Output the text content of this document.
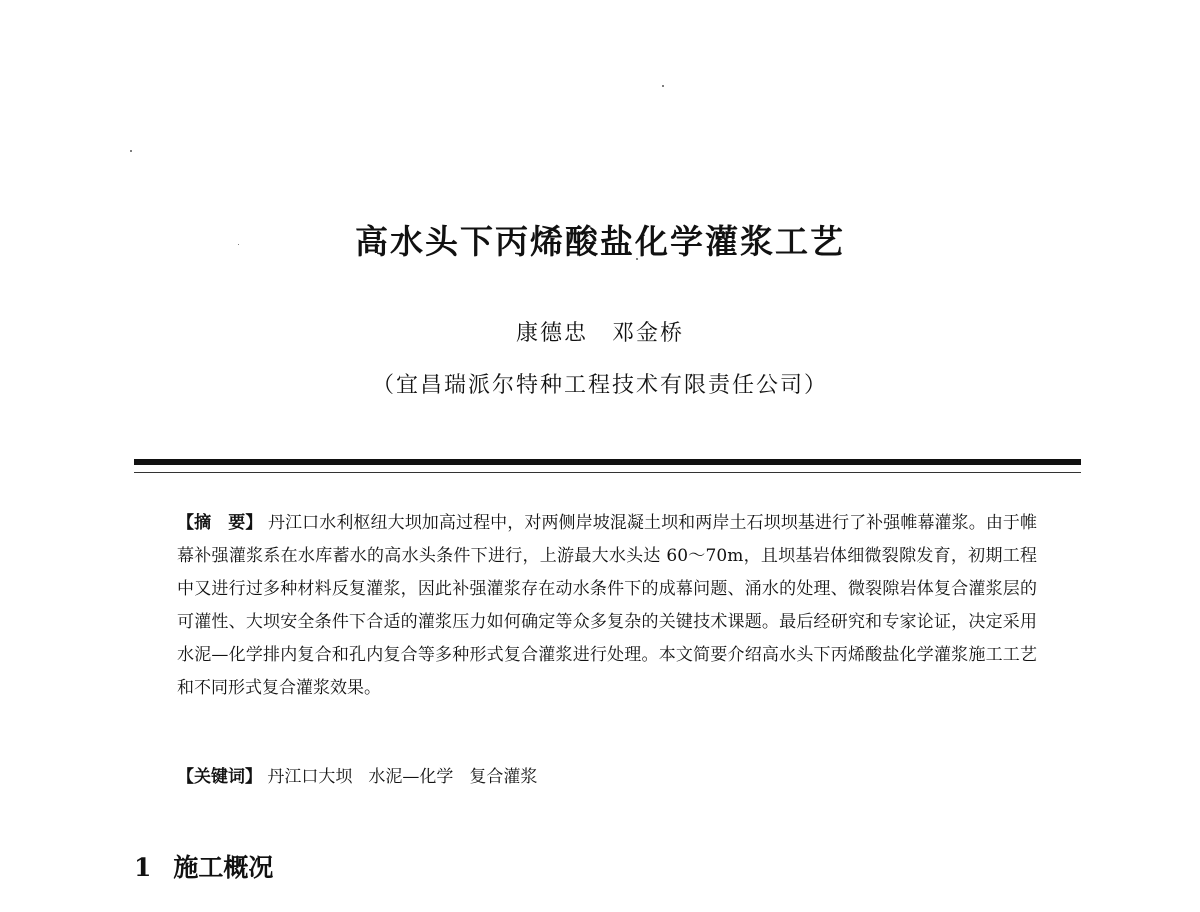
高水头下丙烯酸盐化学灌浆工艺
康德忠　邓金桥
（宜昌瑞派尔特种工程技术有限责任公司）

【摘　要】 丹江口水利枢纽大坝加高过程中，对两侧岸坡混凝土坝和两岸土石坝坝基进行了补强帷幕灌浆。由于帷幕补强灌浆系在水库蓄水的高水头条件下进行，上游最大水头达 60～70m，且坝基岩体细微裂隙发育，初期工程中又进行过多种材料反复灌浆，因此补强灌浆存在动水条件下的成幕问题、涌水的处理、微裂隙岩体复合灌浆层的可灌性、大坝安全条件下合适的灌浆压力如何确定等众多复杂的关键技术课题。最后经研究和专家论证，决定采用水泥—化学排内复合和孔内复合等多种形式复合灌浆进行处理。本文简要介绍高水头下丙烯酸盐化学灌浆施工工艺和不同形式复合灌浆效果。

【关键词】 丹江口大坝 水泥—化学 复合灌浆

1 施工概况
